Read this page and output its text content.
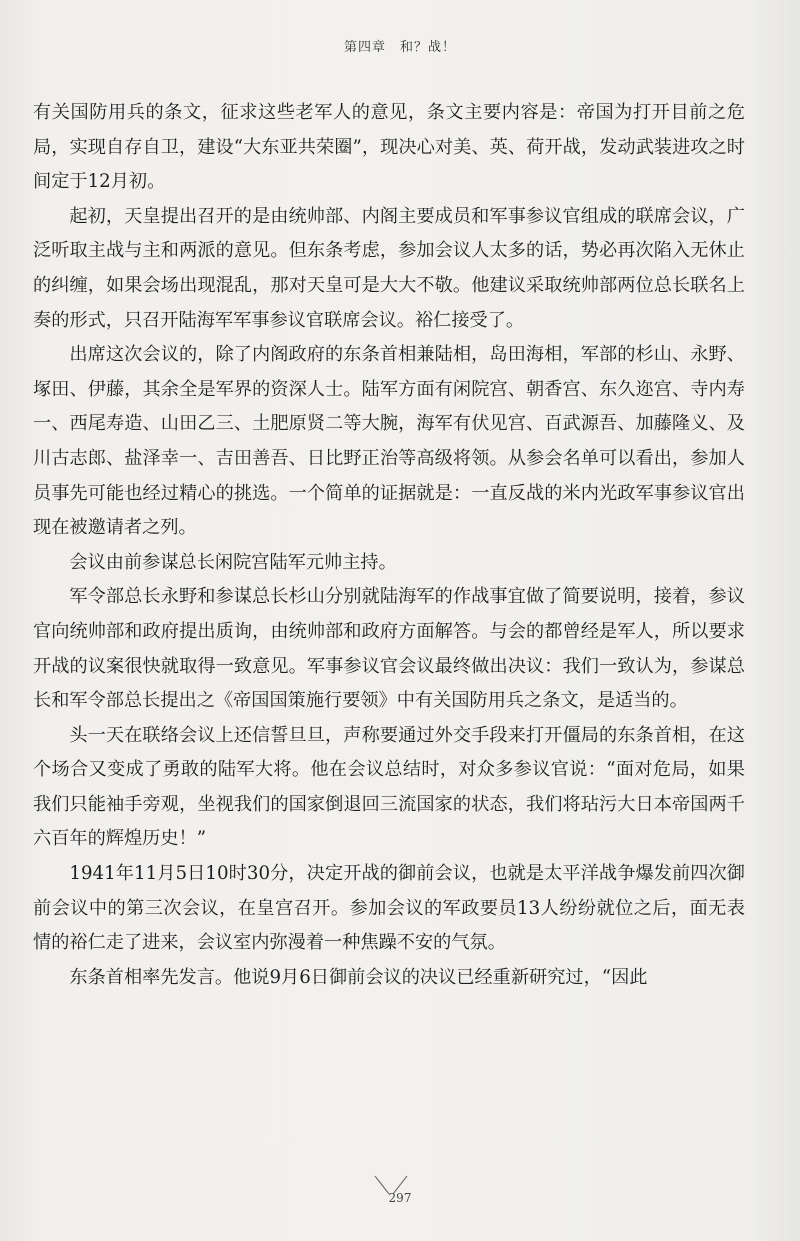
第四章　和？战！

有关国防用兵的条文，征求这些老军人的意见，条文主要内容是：帝国为打开目前之危局，实现自存自卫，建设“大东亚共荣圈”，现决心对美、英、荷开战，发动武装进攻之时间定于12月初。

起初，天皇提出召开的是由统帅部、内阁主要成员和军事参议官组成的联席会议，广泛听取主战与主和两派的意见。但东条考虑，参加会议人太多的话，势必再次陷入无休止的纠缠，如果会场出现混乱，那对天皇可是大大不敬。他建议采取统帅部两位总长联名上奏的形式，只召开陆海军军事参议官联席会议。裕仁接受了。

出席这次会议的，除了内阁政府的东条首相兼陆相，岛田海相，军部的杉山、永野、塚田、伊藤，其余全是军界的资深人士。陆军方面有闲院宫、朝香宫、东久迩宫、寺内寿一、西尾寿造、山田乙三、土肥原贤二等大腕，海军有伏见宫、百武源吾、加藤隆义、及川古志郎、盐泽幸一、吉田善吾、日比野正治等高级将领。从参会名单可以看出，参加人员事先可能也经过精心的挑选。一个简单的证据就是：一直反战的米内光政军事参议官出现在被邀请者之列。

会议由前参谋总长闲院宫陆军元帅主持。

军令部总长永野和参谋总长杉山分别就陆海军的作战事宜做了简要说明，接着，参议官向统帅部和政府提出质询，由统帅部和政府方面解答。与会的都曾经是军人，所以要求开战的议案很快就取得一致意见。军事参议官会议最终做出决议：我们一致认为，参谋总长和军令部总长提出之《帝国国策施行要领》中有关国防用兵之条文，是适当的。

头一天在联络会议上还信誓旦旦，声称要通过外交手段来打开僵局的东条首相，在这个场合又变成了勇敢的陆军大将。他在会议总结时，对众多参议官说：“面对危局，如果我们只能袖手旁观，坐视我们的国家倒退回三流国家的状态，我们将玷污大日本帝国两千六百年的辉煌历史！”

1941年11月5日10时30分，决定开战的御前会议，也就是太平洋战争爆发前四次御前会议中的第三次会议，在皇宫召开。参加会议的军政要员13人纷纷就位之后，面无表情的裕仁走了进来，会议室内弥漫着一种焦躁不安的气氛。

东条首相率先发言。他说9月6日御前会议的决议已经重新研究过，“因此

297
